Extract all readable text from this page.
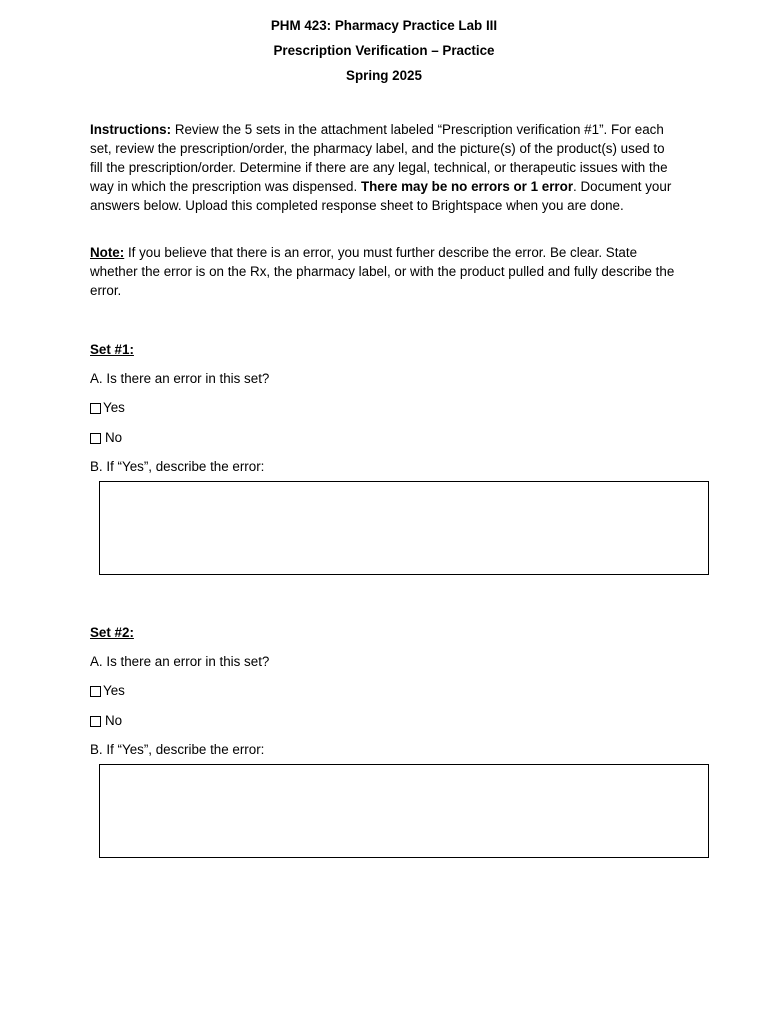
PHM 423: Pharmacy Practice Lab III
Prescription Verification – Practice
Spring 2025
Instructions: Review the 5 sets in the attachment labeled “Prescription verification #1”. For each set, review the prescription/order, the pharmacy label, and the picture(s) of the product(s) used to fill the prescription/order. Determine if there are any legal, technical, or therapeutic issues with the way in which the prescription was dispensed. There may be no errors or 1 error. Document your answers below. Upload this completed response sheet to Brightspace when you are done.
Note: If you believe that there is an error, you must further describe the error. Be clear. State whether the error is on the Rx, the pharmacy label, or with the product pulled and fully describe the error.
Set #1:
A. Is there an error in this set?
Yes
No
B. If “Yes”, describe the error:
Set #2:
A. Is there an error in this set?
Yes
No
B. If “Yes”, describe the error:
